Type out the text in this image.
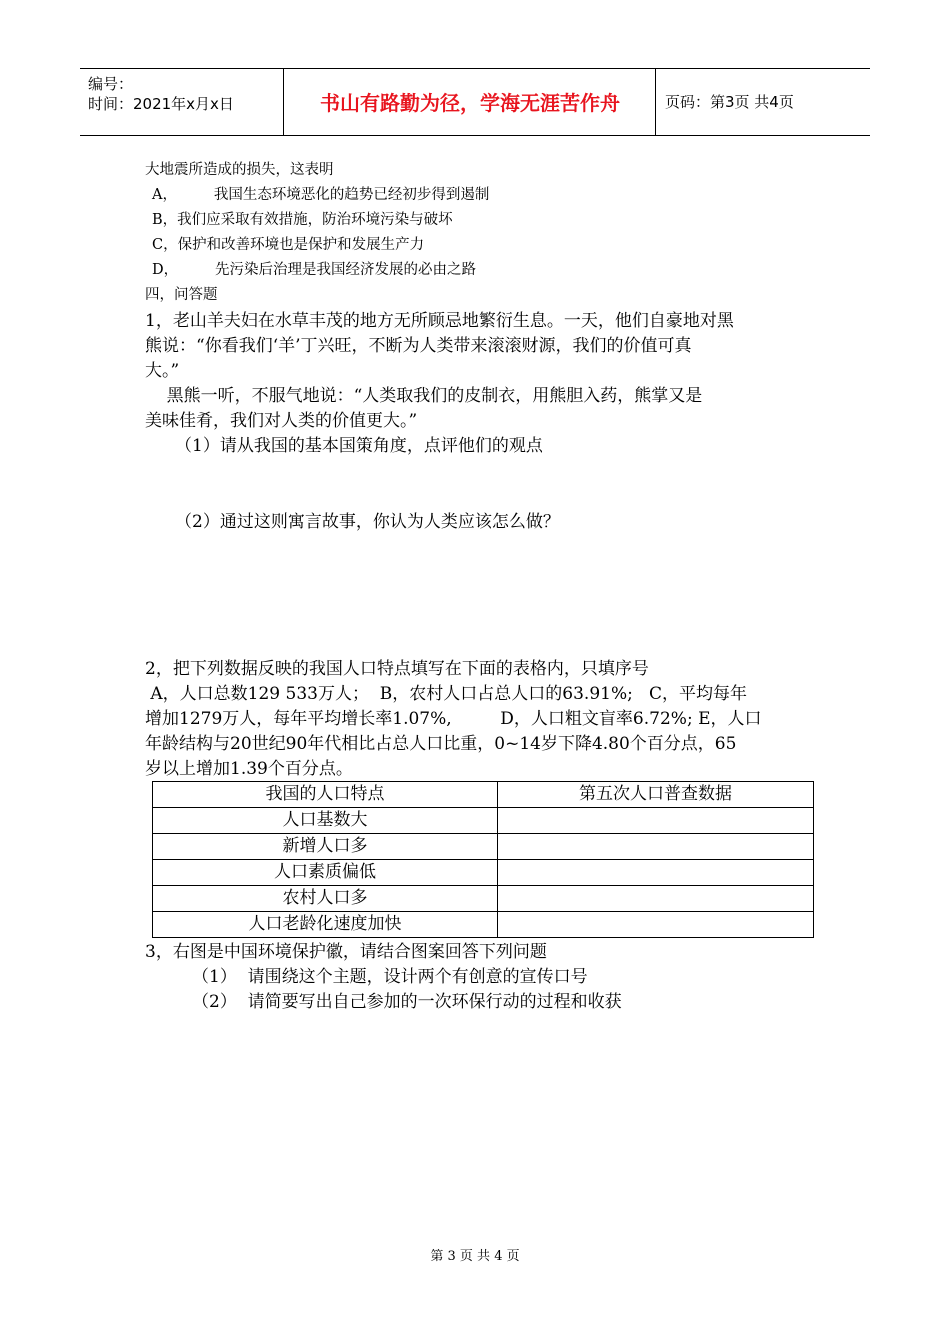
编号：
时间：2021年x月x日	书山有路勤为径，学海无涯苦作舟	页码：第3页 共4页
大地震所造成的损失，这表明
A，        我国生态环境恶化的趋势已经初步得到遏制
B，我们应采取有效措施，防治环境污染与破坏
C，保护和改善环境也是保护和发展生产力
D，        先污染后治理是我国经济发展的必由之路
四，问答题
1，老山羊夫妇在水草丰茂的地方无所顾忌地繁衍生息。一天，他们自豪地对黑
熊说：“你看我们‘羊’丁兴旺，不断为人类带来滚滚财源，我们的价值可真
大。”
黑熊一听，不服气地说：“人类取我们的皮制衣，用熊胆入药，熊掌又是
美味佳肴，我们对人类的价值更大。”
（1）请从我国的基本国策角度，点评他们的观点
（2）通过这则寓言故事，你认为人类应该怎么做？
2，把下列数据反映的我国人口特点填写在下面的表格内，只填序号
A，人口总数129 533万人；  B，农村人口占总人口的63.91%;   C，平均每年
增加1279万人，每年平均增长率1.07%,         D，人口粗文盲率6.72%; E，人口
年龄结构与20世纪90年代相比占总人口比重，0~14岁下降4.80个百分点，65
岁以上增加1.39个百分点。
我国的人口特点	第五次人口普查数据
人口基数大	
新增人口多	
人口素质偏低	
农村人口多	
人口老龄化速度加快	
3，右图是中国环境保护徽，请结合图案回答下列问题
（1）  请围绕这个主题，设计两个有创意的宣传口号
（2）  请简要写出自己参加的一次环保行动的过程和收获
第 3 页 共 4 页
